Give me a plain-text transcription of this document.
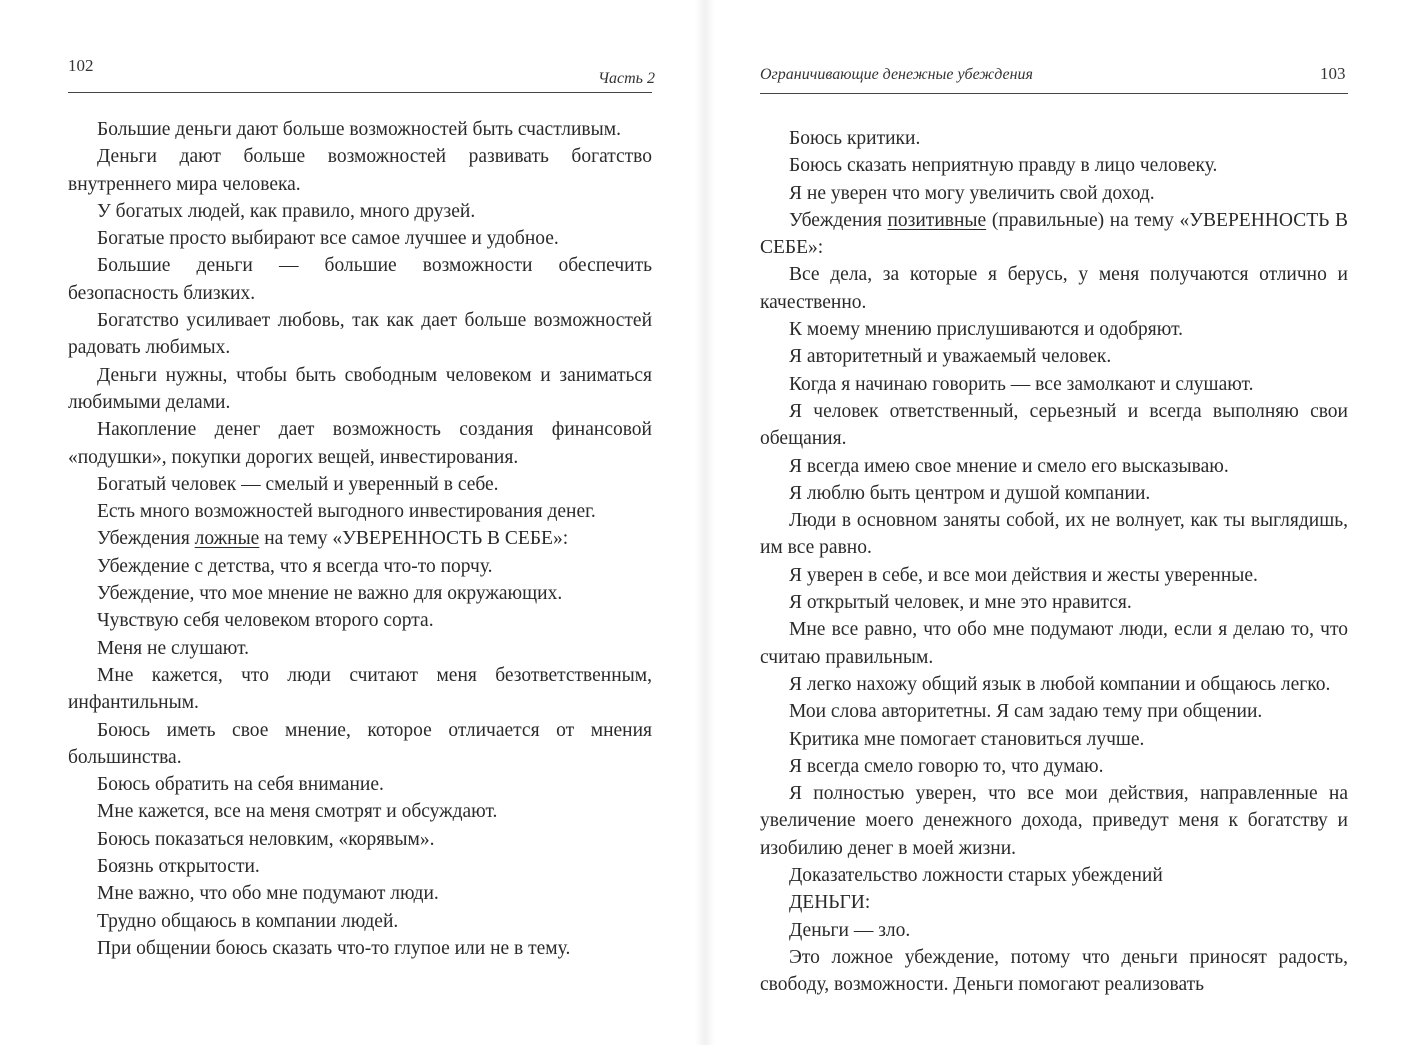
102
Часть 2

Большие деньги дают больше возможностей быть счастливым.

Деньги дают больше возможностей развивать богатство внутреннего мира человека.

У богатых людей, как правило, много друзей.

Богатые просто выбирают все самое лучшее и удобное.

Большие деньги — большие возможности обеспечить безопасность близких.

Богатство усиливает любовь, так как дает больше возможностей радовать любимых.

Деньги нужны, чтобы быть свободным человеком и заниматься любимыми делами.

Накопление денег дает возможность создания финансовой «подушки», покупки дорогих вещей, инвестирования.

Богатый человек — смелый и уверенный в себе.

Есть много возможностей выгодного инвестирования денег.

Убеждения ложные на тему «УВЕРЕННОСТЬ В СЕБЕ»:

Убеждение с детства, что я всегда что-то порчу.

Убеждение, что мое мнение не важно для окружающих.

Чувствую себя человеком второго сорта.

Меня не слушают.

Мне кажется, что люди считают меня безответственным, инфантильным.

Боюсь иметь свое мнение, которое отличается от мнения большинства.

Боюсь обратить на себя внимание.

Мне кажется, все на меня смотрят и обсуждают.

Боюсь показаться неловким, «корявым».

Боязнь открытости.

Мне важно, что обо мне подумают люди.

Трудно общаюсь в компании людей.

При общении боюсь сказать что-то глупое или не в тему.

Ограничивающие денежные убеждения	103

Боюсь критики.

Боюсь сказать неприятную правду в лицо человеку.

Я не уверен что могу увеличить свой доход.

Убеждения позитивные (правильные) на тему «УВЕРЕННОСТЬ В СЕБЕ»:

Все дела, за которые я берусь, у меня получаются отлично и качественно.

К моему мнению прислушиваются и одобряют.

Я авторитетный и уважаемый человек.

Когда я начинаю говорить — все замолкают и слушают.

Я человек ответственный, серьезный и всегда выполняю свои обещания.

Я всегда имею свое мнение и смело его высказываю.

Я люблю быть центром и душой компании.

Люди в основном заняты собой, их не волнует, как ты выглядишь, им все равно.

Я уверен в себе, и все мои действия и жесты уверенные.

Я открытый человек, и мне это нравится.

Мне все равно, что обо мне подумают люди, если я делаю то, что считаю правильным.

Я легко нахожу общий язык в любой компании и общаюсь легко.

Мои слова авторитетны. Я сам задаю тему при общении.

Критика мне помогает становиться лучше.

Я всегда смело говорю то, что думаю.

Я полностью уверен, что все мои действия, направленные на увеличение моего денежного дохода, приведут меня к богатству и изобилию денег в моей жизни.

Доказательство ложности старых убеждений

ДЕНЬГИ:

Деньги — зло.

Это ложное убеждение, потому что деньги приносят радость, свободу, возможности. Деньги помогают реализовать
